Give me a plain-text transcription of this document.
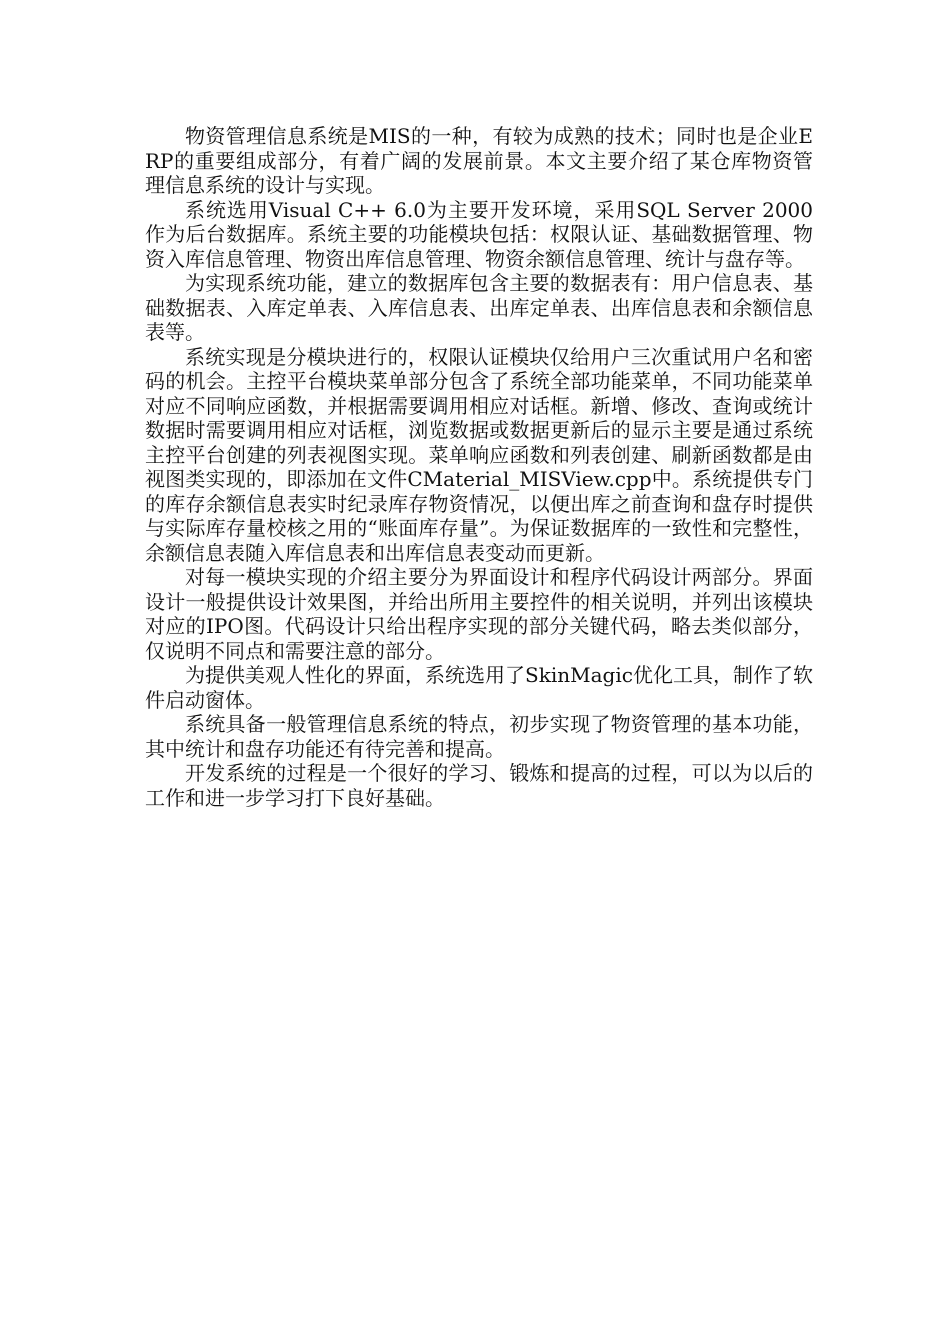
物资管理信息系统是MIS的一种，有较为成熟的技术；同时也是企业ERP的重要组成部分，有着广阔的发展前景。本文主要介绍了某仓库物资管理信息系统的设计与实现。

系统选用Visual C++ 6.0为主要开发环境，采用SQL Server 2000作为后台数据库。系统主要的功能模块包括：权限认证、基础数据管理、物资入库信息管理、物资出库信息管理、物资余额信息管理、统计与盘存等。

为实现系统功能，建立的数据库包含主要的数据表有：用户信息表、基础数据表、入库定单表、入库信息表、出库定单表、出库信息表和余额信息表等。

系统实现是分模块进行的，权限认证模块仅给用户三次重试用户名和密码的机会。主控平台模块菜单部分包含了系统全部功能菜单，不同功能菜单对应不同响应函数，并根据需要调用相应对话框。新增、修改、查询或统计数据时需要调用相应对话框，浏览数据或数据更新后的显示主要是通过系统主控平台创建的列表视图实现。菜单响应函数和列表创建、刷新函数都是由视图类实现的，即添加在文件CMaterial_MISView.cpp中。系统提供专门的库存余额信息表实时纪录库存物资情况，以便出库之前查询和盘存时提供与实际库存量校核之用的“账面库存量”。为保证数据库的一致性和完整性，余额信息表随入库信息表和出库信息表变动而更新。

对每一模块实现的介绍主要分为界面设计和程序代码设计两部分。界面设计一般提供设计效果图，并给出所用主要控件的相关说明，并列出该模块对应的IPO图。代码设计只给出程序实现的部分关键代码，略去类似部分，仅说明不同点和需要注意的部分。

为提供美观人性化的界面，系统选用了SkinMagic优化工具，制作了软件启动窗体。

系统具备一般管理信息系统的特点，初步实现了物资管理的基本功能，其中统计和盘存功能还有待完善和提高。

开发系统的过程是一个很好的学习、锻炼和提高的过程，可以为以后的工作和进一步学习打下良好基础。
